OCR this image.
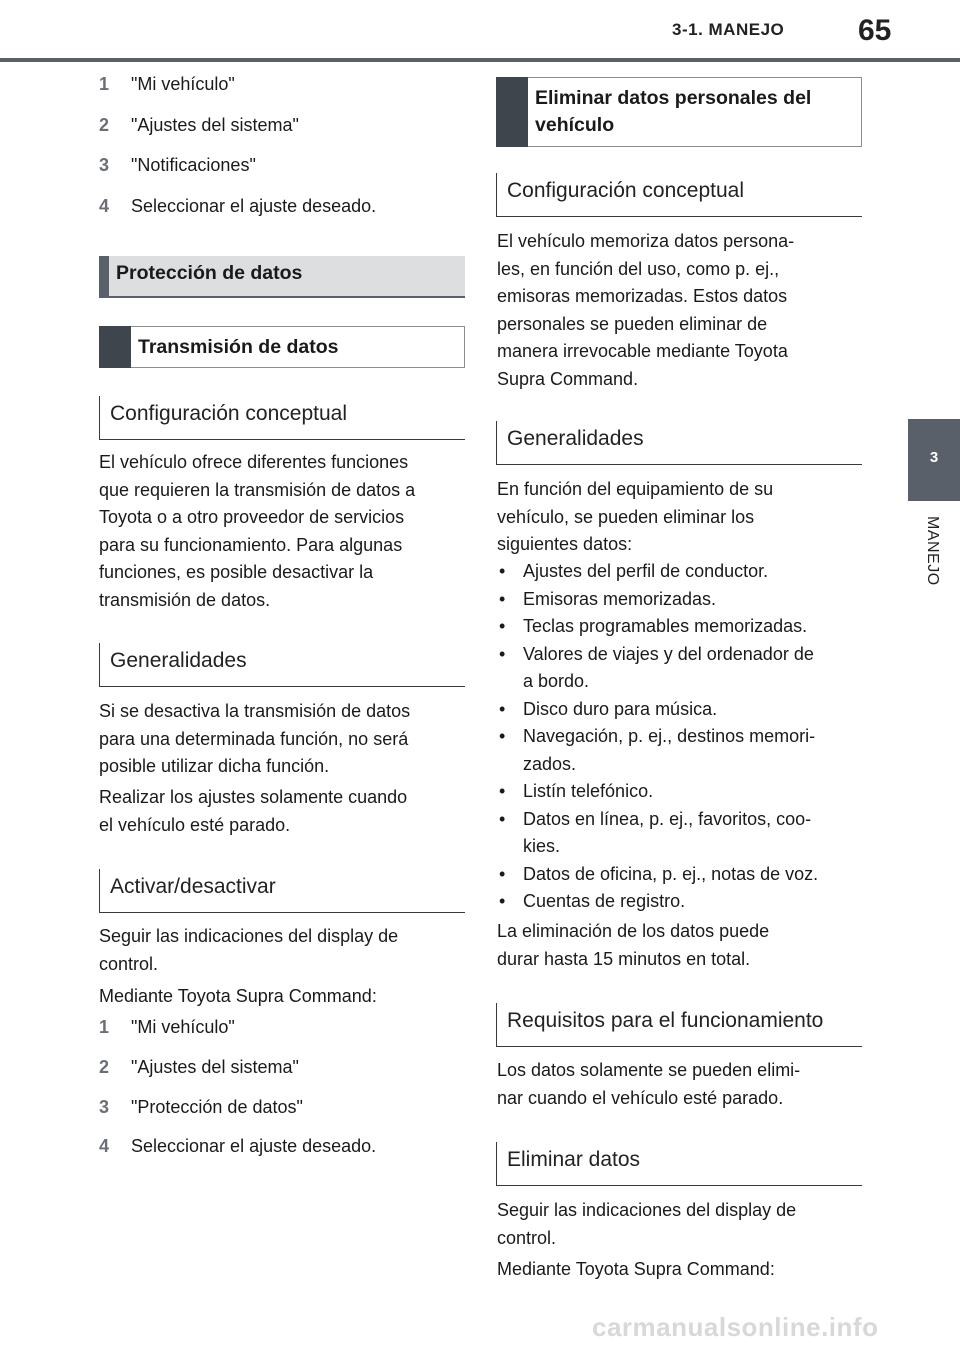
3-1. MANEJO 65
3
MANEJO
1 "Mi vehículo"
2 "Ajustes del sistema"
3 "Notificaciones"
4 Seleccionar el ajuste deseado.
Protección de datos
Transmisión de datos
Configuración conceptual
El vehículo ofrece diferentes funciones
que requieren la transmisión de datos a
Toyota o a otro proveedor de servicios
para su funcionamiento. Para algunas
funciones, es posible desactivar la
transmisión de datos.
Generalidades
Si se desactiva la transmisión de datos
para una determinada función, no será
posible utilizar dicha función.
Realizar los ajustes solamente cuando
el vehículo esté parado.
Activar/desactivar
Seguir las indicaciones del display de
control.
Mediante Toyota Supra Command:
1 "Mi vehículo"
2 "Ajustes del sistema"
3 "Protección de datos"
4 Seleccionar el ajuste deseado.
Eliminar datos personales del vehículo
Configuración conceptual
El vehículo memoriza datos persona-
les, en función del uso, como p. ej.,
emisoras memorizadas. Estos datos
personales se pueden eliminar de
manera irrevocable mediante Toyota
Supra Command.
Generalidades
En función del equipamiento de su
vehículo, se pueden eliminar los
siguientes datos:
• Ajustes del perfil de conductor.
• Emisoras memorizadas.
• Teclas programables memorizadas.
• Valores de viajes y del ordenador de
a bordo.
• Disco duro para música.
• Navegación, p. ej., destinos memori-
zados.
• Listín telefónico.
• Datos en línea, p. ej., favoritos, coo-
kies.
• Datos de oficina, p. ej., notas de voz.
• Cuentas de registro.
La eliminación de los datos puede
durar hasta 15 minutos en total.
Requisitos para el funcionamiento
Los datos solamente se pueden elimi-
nar cuando el vehículo esté parado.
Eliminar datos
Seguir las indicaciones del display de
control.
Mediante Toyota Supra Command:
carmanualsonline.info
